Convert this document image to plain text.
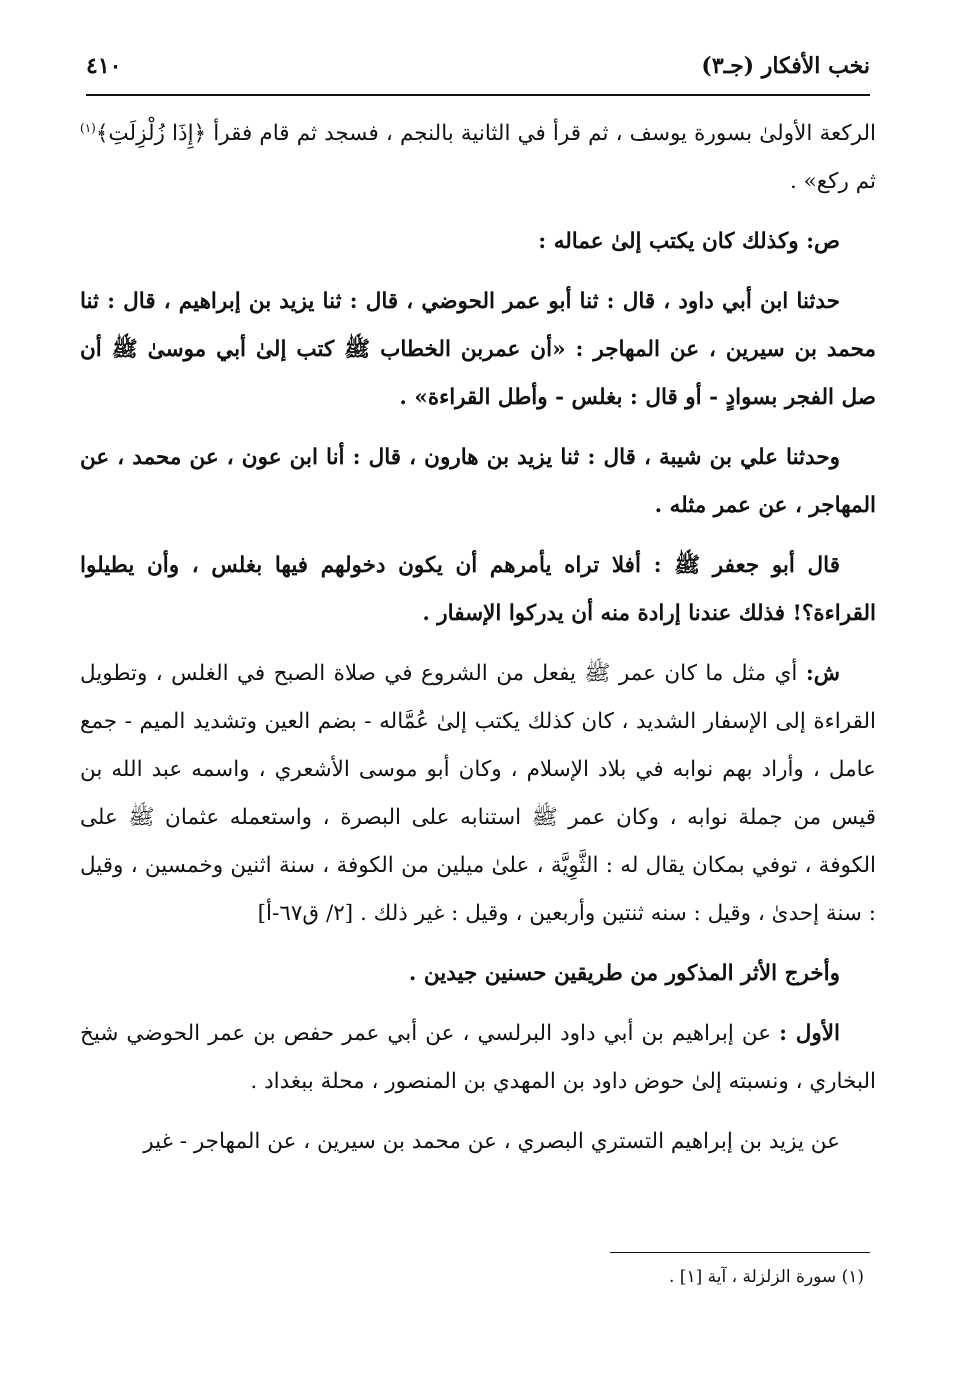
نخب الأفكار (جـ٣)
٤١٠

الركعة الأولىٰ بسورة يوسف ، ثم قرأ في الثانية بالنجم ، فسجد ثم قام فقرأ ﴿إِذَا زُلْزِلَتِ﴾$^{(١)}$ ثم ركع» .

ص: وكذلك كان يكتب إلىٰ عماله :

حدثنا ابن أبي داود ، قال : ثنا أبو عمر الحوضي ، قال : ثنا يزيد بن إبراهيم ، قال : ثنا محمد بن سيرين ، عن المهاجر : «أن عمربن الخطاب ﷺ كتب إلىٰ أبي موسىٰ ﷺ أن صل الفجر بسوادٍ - أو قال : بغلس - وأطل القراءة» .

وحدثنا علي بن شيبة ، قال : ثنا يزيد بن هارون ، قال : أنا ابن عون ، عن محمد ، عن المهاجر ، عن عمر مثله .

قال أبو جعفر ﷺ : أفلا تراه يأمرهم أن يكون دخولهم فيها بغلس ، وأن يطيلوا القراءة؟! فذلك عندنا إرادة منه أن يدركوا الإسفار .

ش: أي مثل ما كان عمر ﷺ يفعل من الشروع في صلاة الصبح في الغلس ، وتطويل القراءة إلى الإسفار الشديد ، كان كذلك يكتب إلىٰ عُمَّاله - بضم العين وتشديد الميم - جمع عامل ، وأراد بهم نوابه في بلاد الإسلام ، وكان أبو موسى الأشعري ، واسمه عبد الله بن قيس من جملة نوابه ، وكان عمر ﷺ استنابه على البصرة ، واستعمله عثمان ﷺ على الكوفة ، توفي بمكان يقال له : الثَّوِيَّة ، علىٰ ميلين من الكوفة ، سنة اثنين وخمسين ، وقيل : سنة إحدىٰ ، وقيل : سنه ثنتين وأربعين ، وقيل : غير ذلك . [٢/ ق٦٧-أ]

وأخرج الأثر المذكور من طريقين حسنين جيدين .

الأول : عن إبراهيم بن أبي داود البرلسي ، عن أبي عمر حفص بن عمر الحوضي شيخ البخاري ، ونسبته إلىٰ حوض داود بن المهدي بن المنصور ، محلة ببغداد .

عن يزيد بن إبراهيم التستري البصري ، عن محمد بن سيرين ، عن المهاجر - غير

(١) سورة الزلزلة ، آية [١] .
